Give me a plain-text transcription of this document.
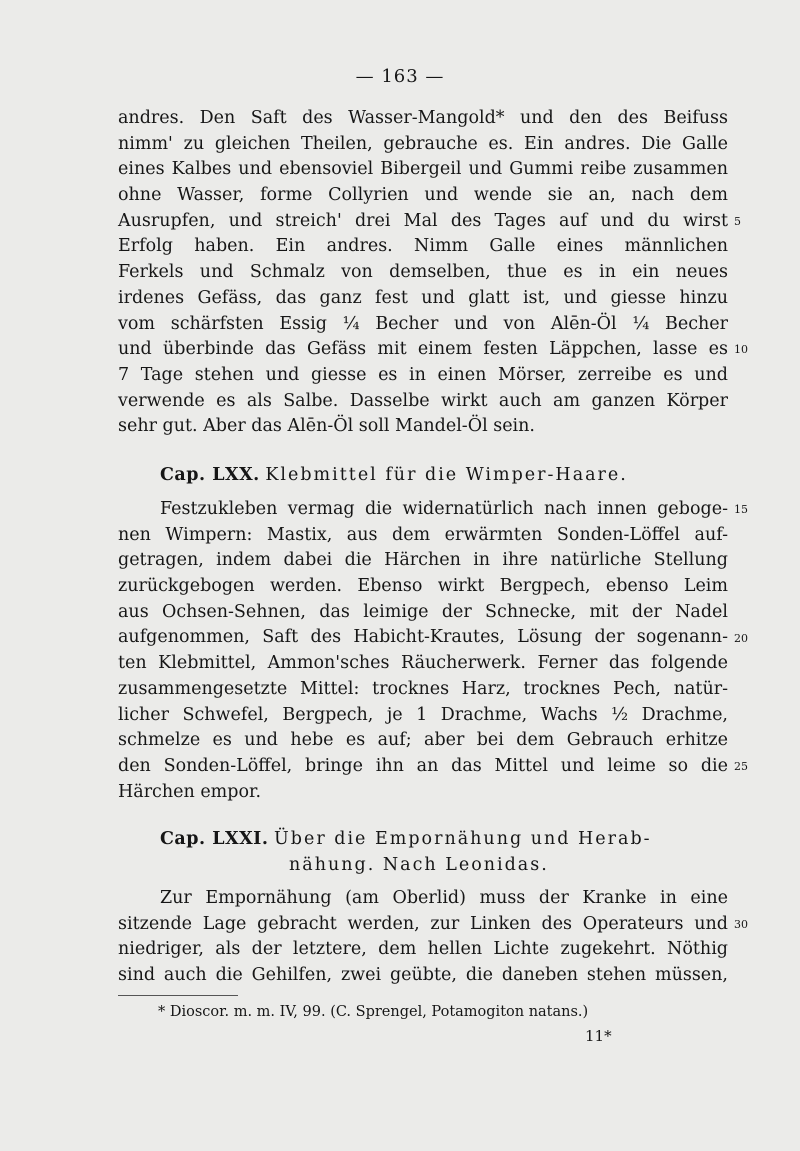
— 163 —
andres. Den Saft des Wasser-Mangold* und den des Beifuss
nimm' zu gleichen Theilen, gebrauche es. Ein andres. Die Galle
eines Kalbes und ebensoviel Bibergeil und Gummi reibe zusammen
ohne Wasser, forme Collyrien und wende sie an, nach dem
Ausrupfen, und streich' drei Mal des Tages auf und du wirst
Erfolg haben. Ein andres. Nimm Galle eines männlichen
Ferkels und Schmalz von demselben, thue es in ein neues
irdenes Gefäss, das ganz fest und glatt ist, und giesse hinzu
vom schärfsten Essig ¼ Becher und von Alēn-Öl ¼ Becher
und überbinde das Gefäss mit einem festen Läppchen, lasse es
7 Tage stehen und giesse es in einen Mörser, zerreibe es und
verwende es als Salbe. Dasselbe wirkt auch am ganzen Körper
sehr gut. Aber das Alēn-Öl soll Mandel-Öl sein.
Cap. LXX. Klebmittel für die Wimper-Haare.
Festzukleben vermag die widernatürlich nach innen geboge-
nen Wimpern: Mastix, aus dem erwärmten Sonden-Löffel auf-
getragen, indem dabei die Härchen in ihre natürliche Stellung
zurückgebogen werden. Ebenso wirkt Bergpech, ebenso Leim
aus Ochsen-Sehnen, das leimige der Schnecke, mit der Nadel
aufgenommen, Saft des Habicht-Krautes, Lösung der sogenann-
ten Klebmittel, Ammon'sches Räucherwerk. Ferner das folgende
zusammengesetzte Mittel: trocknes Harz, trocknes Pech, natür-
licher Schwefel, Bergpech, je 1 Drachme, Wachs ½ Drachme,
schmelze es und hebe es auf; aber bei dem Gebrauch erhitze
den Sonden-Löffel, bringe ihn an das Mittel und leime so die
Härchen empor.
Cap. LXXI. Über die Empornähung und Herab-
nähung. Nach Leonidas.
Zur Empornähung (am Oberlid) muss der Kranke in eine
sitzende Lage gebracht werden, zur Linken des Operateurs und
niedriger, als der letztere, dem hellen Lichte zugekehrt. Nöthig
sind auch die Gehilfen, zwei geübte, die daneben stehen müssen,
5
10
15
20
25
30
* Dioscor. m. m. IV, 99. (C. Sprengel, Potamogiton natans.)
11*
